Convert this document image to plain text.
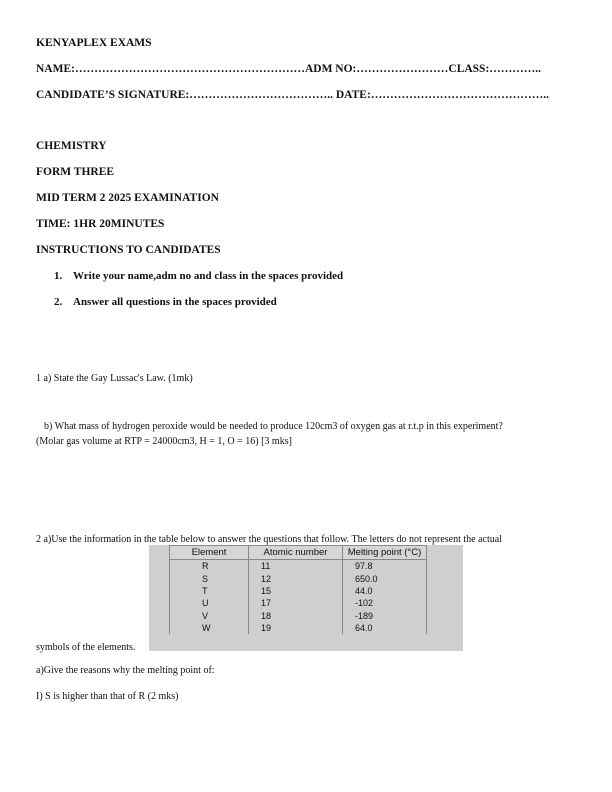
KENYAPLEX EXAMS
NAME:……………………………………………………ADM NO:……………………CLASS:…………..
CANDIDATE’S SIGNATURE:……………………………….. DATE:………………………………………..
CHEMISTRY
FORM THREE
MID TERM 2 2025 EXAMINATION
TIME: 1HR 20MINUTES
INSTRUCTIONS TO CANDIDATES
1. Write your name,adm no and class in the spaces provided
2. Answer all questions in the spaces provided
1 a) State the Gay Lussac's Law. (1mk)
b) What mass of hydrogen peroxide would be needed to produce 120cm3 of oxygen gas at r.t.p in this experiment?
(Molar gas volume at RTP = 24000cm3, H = 1, O = 16) [3 mks]
2 a)Use the information in the table below to answer the questions that follow. The letters do not represent the actual
Element	Atomic number	Melting point (°C)
R	11	97.8
S	12	650.0
T	15	44.0
U	17	-102
V	18	-189
W	19	64.0
symbols of the elements.
a)Give the reasons why the melting point of:
I) S is higher than that of R (2 mks)
